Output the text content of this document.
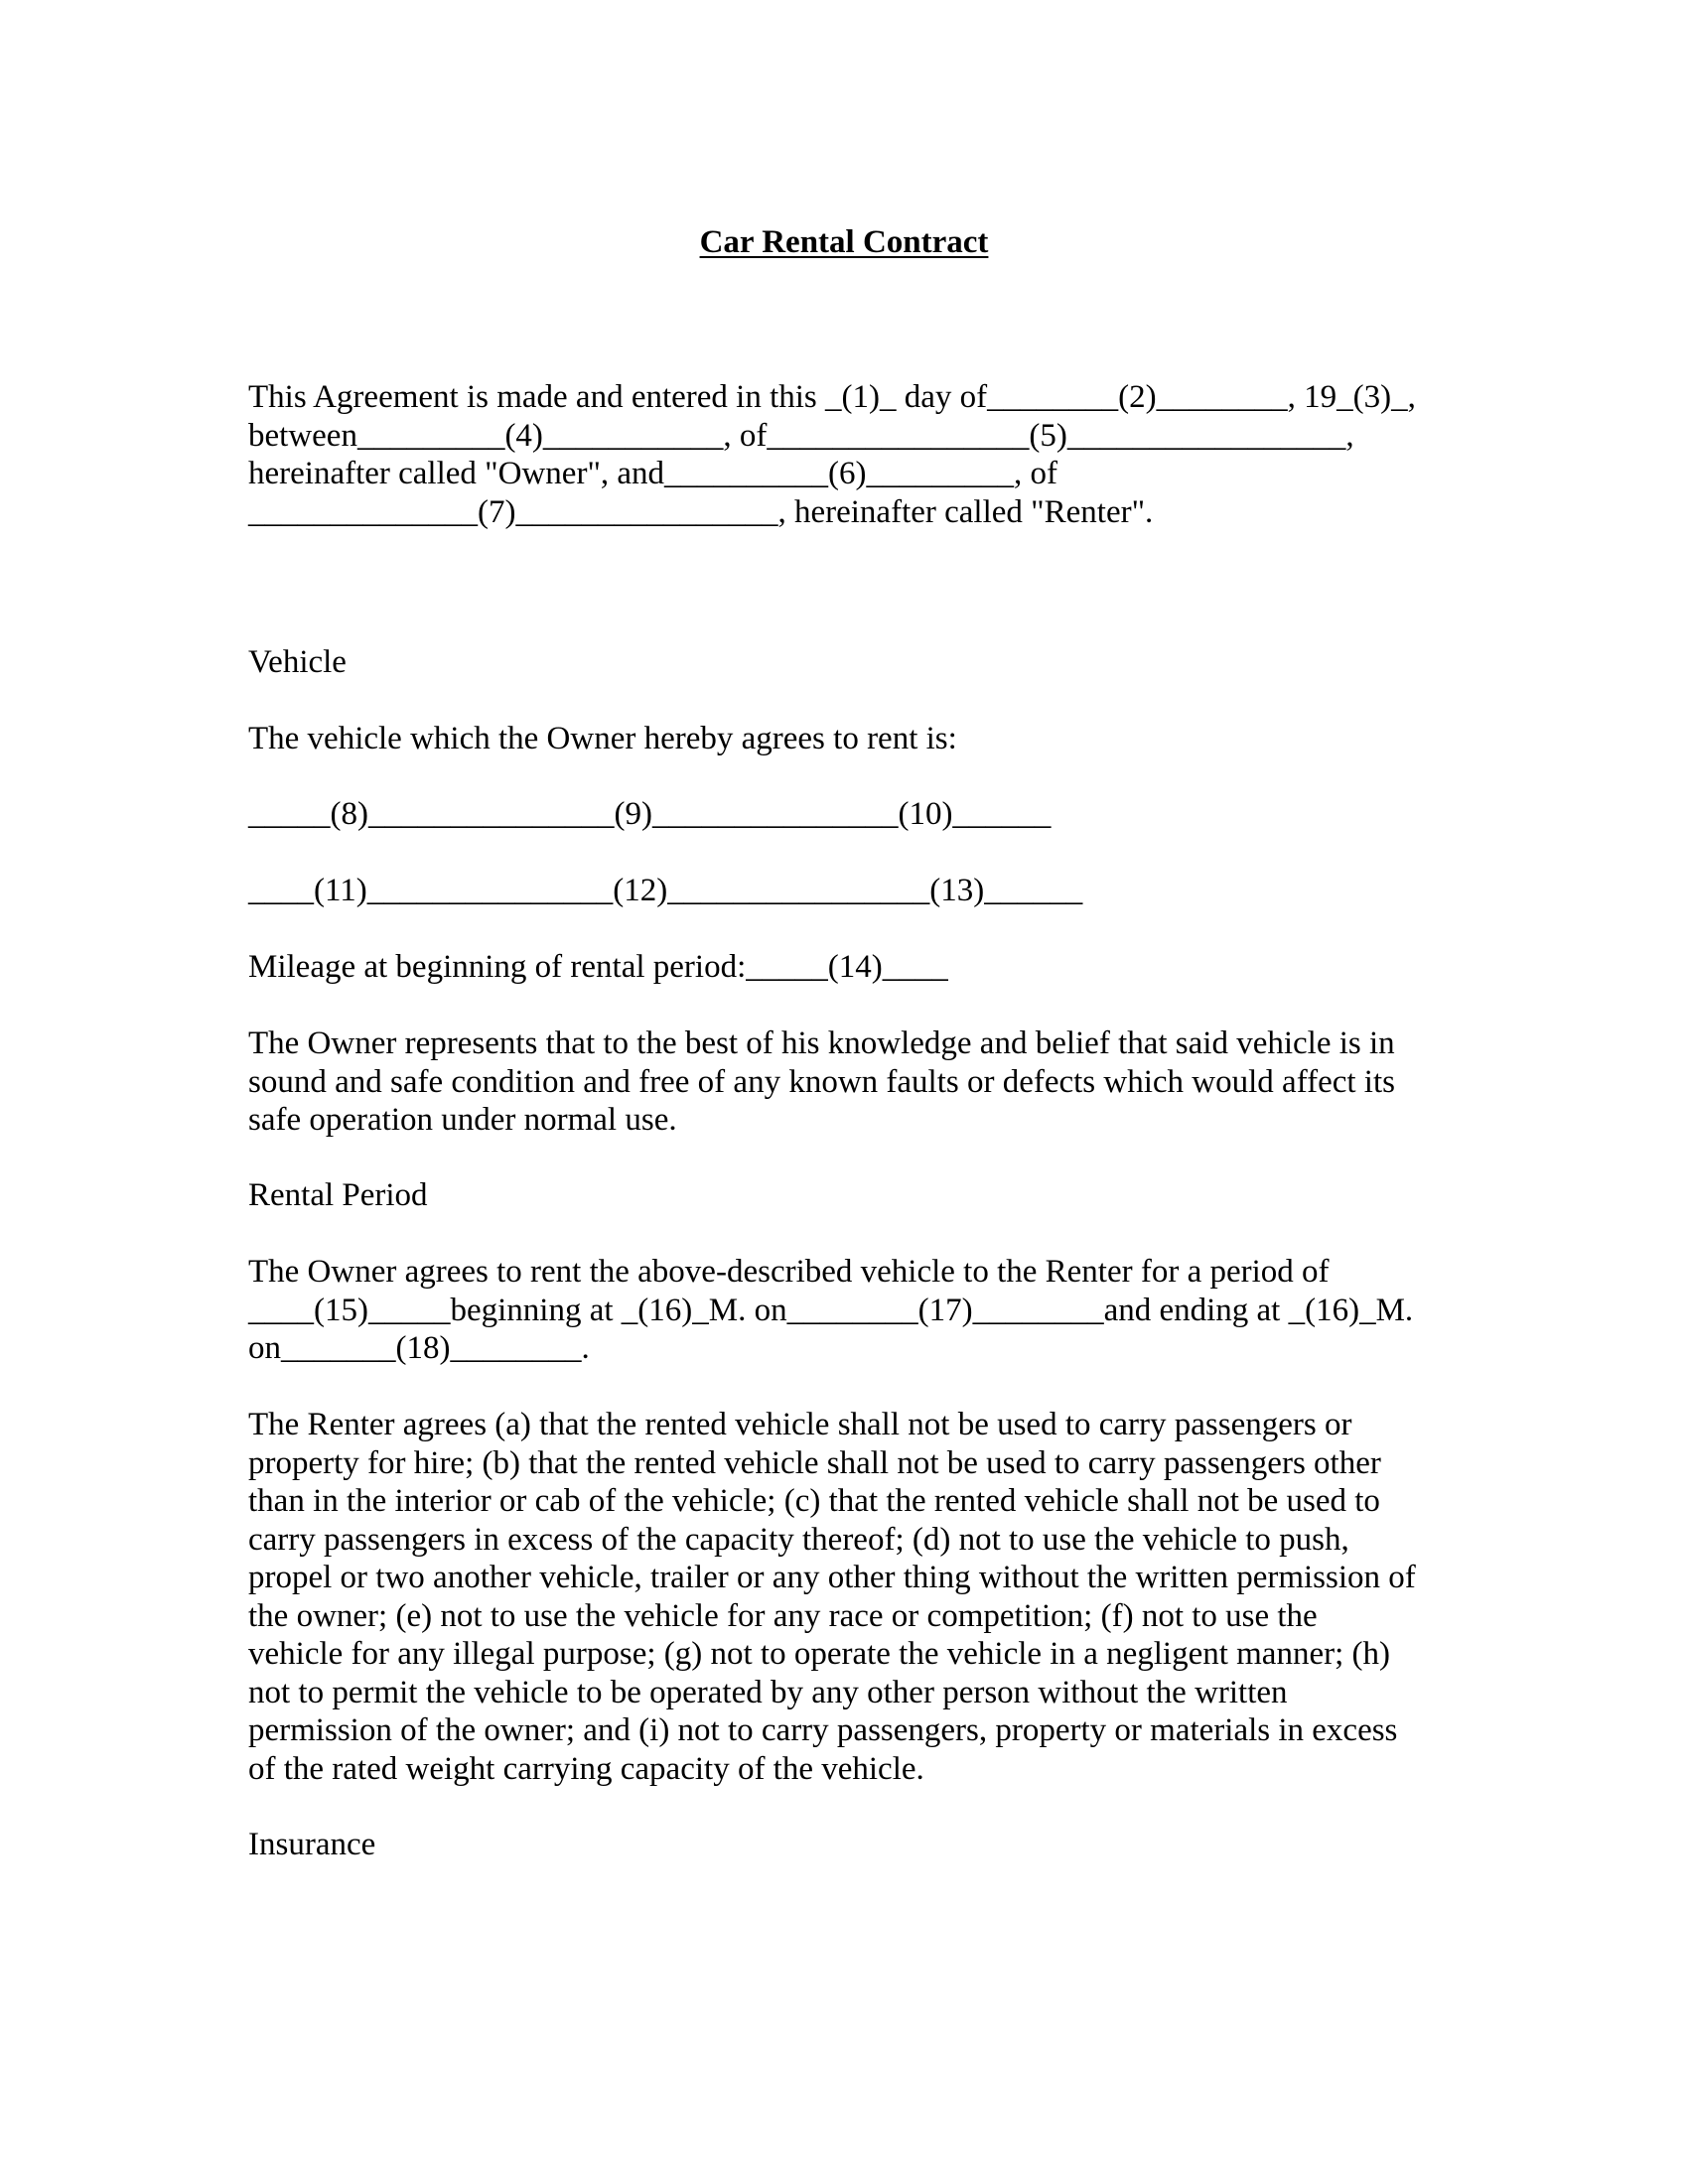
Car Rental Contract
This Agreement is made and entered in this _(1)_ day of________(2)________, 19_(3)_,
between_________(4)___________, of________________(5)_________________,
hereinafter called "Owner", and__________(6)_________, of
______________(7)________________, hereinafter called "Renter".
Vehicle
The vehicle which the Owner hereby agrees to rent is:
_____(8)_______________(9)_______________(10)______
____(11)_______________(12)________________(13)______
Mileage at beginning of rental period:_____(14)____
The Owner represents that to the best of his knowledge and belief that said vehicle is in
sound and safe condition and free of any known faults or defects which would affect its
safe operation under normal use.
Rental Period
The Owner agrees to rent the above-described vehicle to the Renter for a period of
____(15)_____beginning at _(16)_M. on________(17)________and ending at _(16)_M.
on_______(18)________.
The Renter agrees (a) that the rented vehicle shall not be used to carry passengers or
property for hire; (b) that the rented vehicle shall not be used to carry passengers other
than in the interior or cab of the vehicle; (c) that the rented vehicle shall not be used to
carry passengers in excess of the capacity thereof; (d) not to use the vehicle to push,
propel or two another vehicle, trailer or any other thing without the written permission of
the owner; (e) not to use the vehicle for any race or competition; (f) not to use the
vehicle for any illegal purpose; (g) not to operate the vehicle in a negligent manner; (h)
not to permit the vehicle to be operated by any other person without the written
permission of the owner; and (i) not to carry passengers, property or materials in excess
of the rated weight carrying capacity of the vehicle.
Insurance
